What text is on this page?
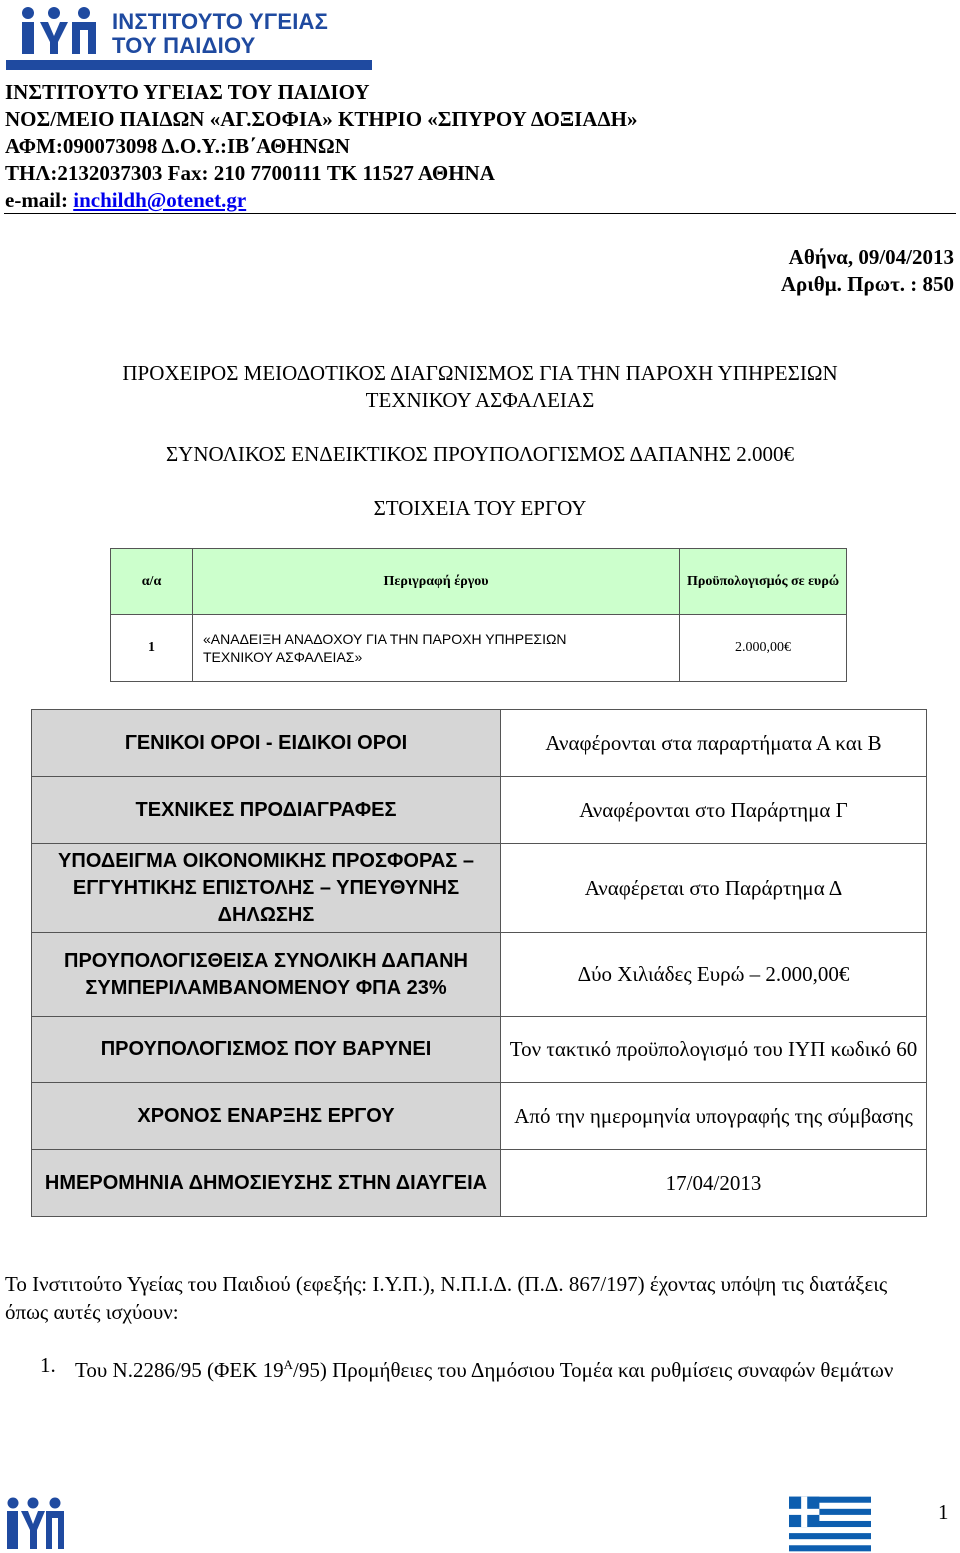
ΙΝΣΤΙΤΟΥΤΟ ΥΓΕΙΑΣ
ΤΟΥ ΠΑΙΔΙΟΥ
ΙΝΣΤΙΤΟΥΤΟ ΥΓΕΙΑΣ ΤΟΥ ΠΑΙΔΙΟΥ
ΝΟΣ/ΜΕΙΟ ΠΑΙΔΩΝ «ΑΓ.ΣΟΦΙΑ» ΚΤΗΡΙΟ «ΣΠΥΡΟΥ ΔΟΞΙΑΔΗ»
ΑΦΜ:090073098 Δ.Ο.Υ.:ΙΒ΄ΑΘΗΝΩΝ
ΤΗΛ:2132037303 Fax: 210 7700111 ΤΚ 11527 ΑΘΗΝΑ
e-mail: inchildh@otenet.gr
Αθήνα, 09/04/2013
Αριθμ. Πρωτ. : 850
ΠΡΟΧΕΙΡΟΣ ΜΕΙΟΔΟΤΙΚΟΣ ΔΙΑΓΩΝΙΣΜΟΣ ΓΙΑ ΤΗΝ ΠΑΡΟΧΗ ΥΠΗΡΕΣΙΩΝ
ΤΕΧΝΙΚΟΥ ΑΣΦΑΛΕΙΑΣ
ΣΥΝΟΛΙΚΟΣ ΕΝΔΕΙΚΤΙΚΟΣ ΠΡΟΥΠΟΛΟΓΙΣΜΟΣ ΔΑΠΑΝΗΣ 2.000€
ΣΤΟΙΧΕΙΑ ΤΟΥ ΕΡΓΟΥ
α/α	Περιγραφή έργου	Προϋπολογισμός σε ευρώ
1	«ΑΝΑΔΕΙΞΗ ΑΝΑΔΟΧΟΥ ΓΙΑ ΤΗΝ ΠΑΡΟΧΗ ΥΠΗΡΕΣΙΩΝ ΤΕΧΝΙΚΟΥ ΑΣΦΑΛΕΙΑΣ»	2.000,00€
ΓΕΝΙΚΟΙ ΟΡΟΙ - ΕΙΔΙΚΟΙ ΟΡΟΙ	Αναφέρονται στα παραρτήματα Α και Β
ΤΕΧΝΙΚΕΣ ΠΡΟΔΙΑΓΡΑΦΕΣ	Αναφέρονται στο Παράρτημα Γ
ΥΠΟΔΕΙΓΜΑ ΟΙΚΟΝΟΜΙΚΗΣ ΠΡΟΣΦΟΡΑΣ – ΕΓΓΥΗΤΙΚΗΣ ΕΠΙΣΤΟΛΗΣ – ΥΠΕΥΘΥΝΗΣ ΔΗΛΩΣΗΣ	Αναφέρεται στο Παράρτημα Δ
ΠΡΟΥΠΟΛΟΓΙΣΘΕΙΣΑ ΣΥΝΟΛΙΚΗ ΔΑΠΑΝΗ ΣΥΜΠΕΡΙΛΑΜΒΑΝΟΜΕΝΟΥ ΦΠΑ 23%	Δύο Χιλιάδες Ευρώ – 2.000,00€
ΠΡΟΥΠΟΛΟΓΙΣΜΟΣ ΠΟΥ ΒΑΡΥΝΕΙ	Τον τακτικό προϋπολογισμό του ΙΥΠ κωδικό 60
ΧΡΟΝΟΣ ΕΝΑΡΞΗΣ ΕΡΓΟΥ	Από την ημερομηνία υπογραφής της σύμβασης
ΗΜΕΡΟΜΗΝΙΑ ΔΗΜΟΣΙΕΥΣΗΣ ΣΤΗΝ ΔΙΑΥΓΕΙΑ	17/04/2013
Το Ινστιτούτο Υγείας του Παιδιού (εφεξής: Ι.Υ.Π.), Ν.Π.Ι.Δ. (Π.Δ. 867/197) έχοντας υπόψη τις διατάξεις όπως αυτές ισχύουν:
1. Του Ν.2286/95 (ΦΕΚ $19^A/95$) Προμήθειες του Δημόσιου Τομέα και ρυθμίσεις συναφών θεμάτων
1
